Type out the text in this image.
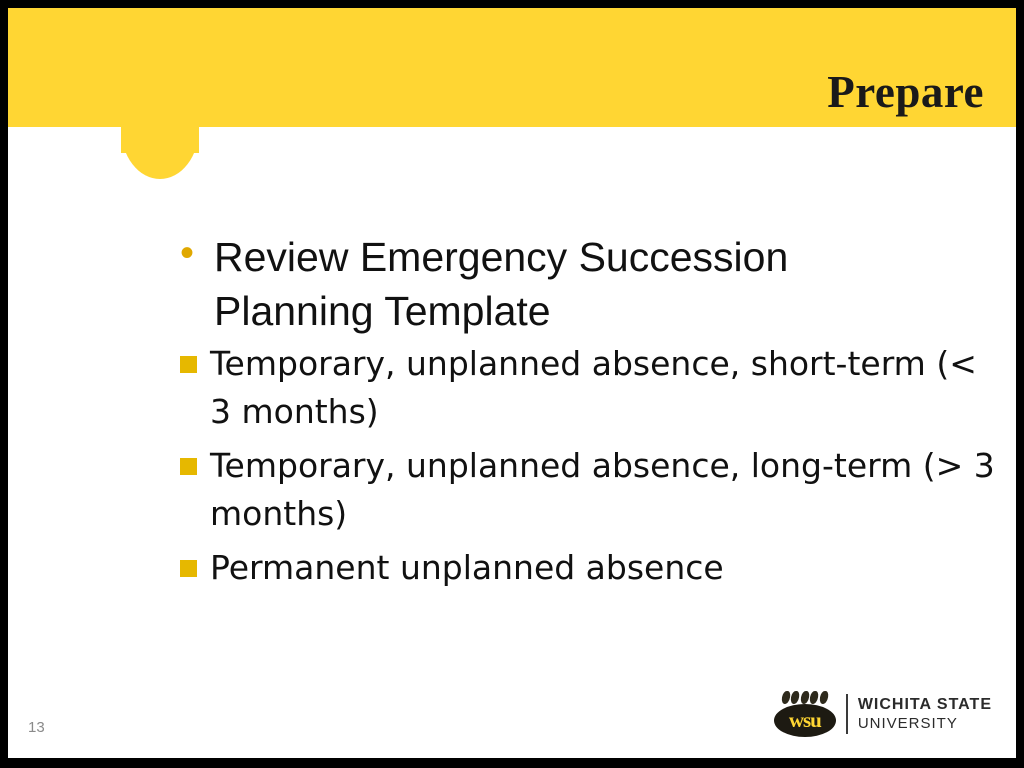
Prepare
• Review Emergency Succession Planning Template
Temporary, unplanned absence, short-term (< 3 months)
Temporary, unplanned absence, long-term (> 3 months)
Permanent unplanned absence
13	wsu
WICHITA STATE
UNIVERSITY
